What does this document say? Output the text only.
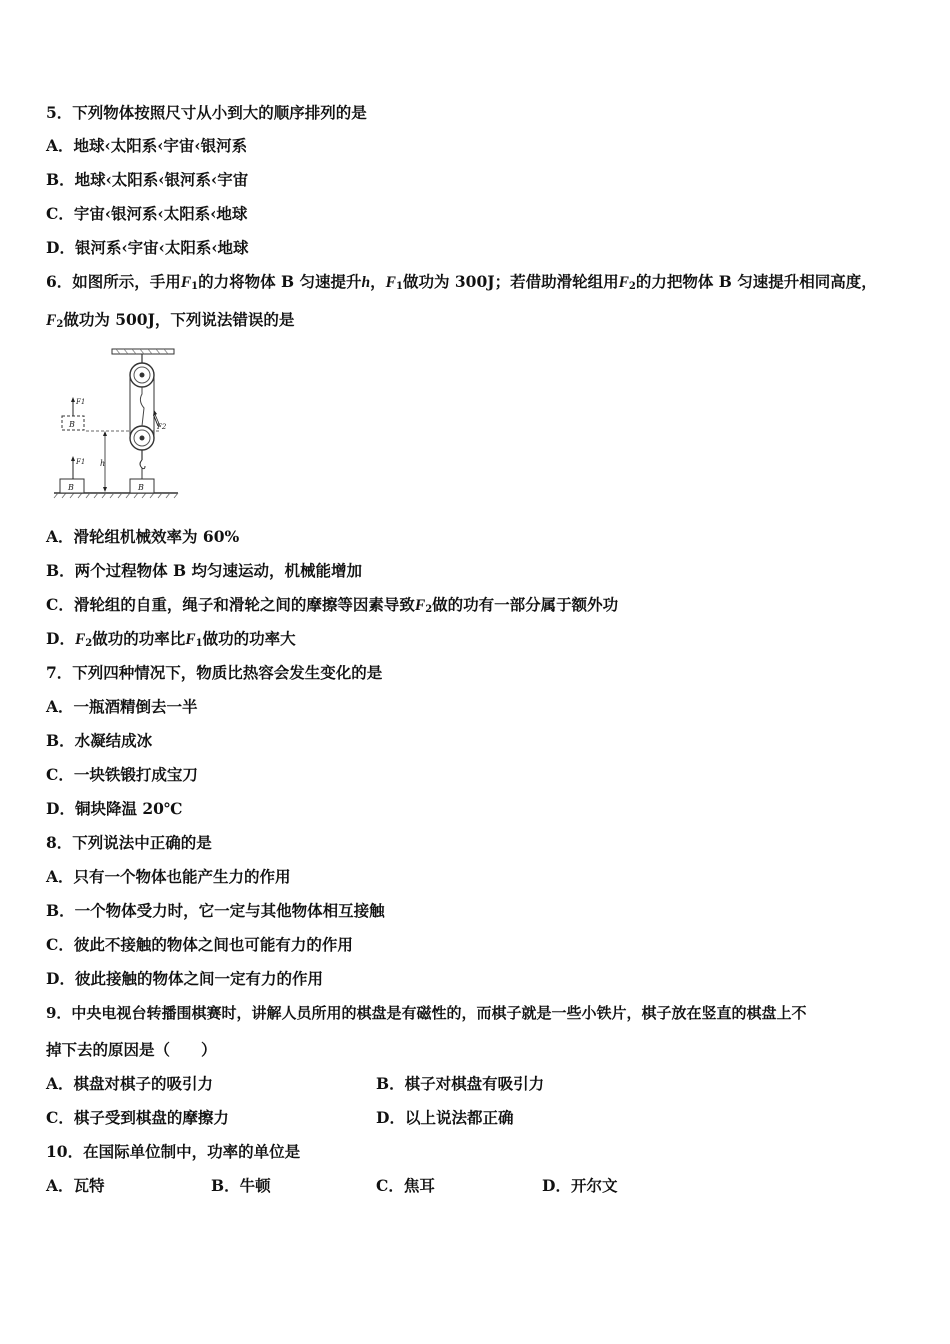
5．下列物体按照尺寸从小到大的顺序排列的是
A．地球‹太阳系‹宇宙‹银河系
B．地球‹太阳系‹银河系‹宇宙
C．宇宙‹银河系‹太阳系‹地球
D．银河系‹宇宙‹太阳系‹地球
6．如图所示，手用$F_1$的力将物体 B 匀速提升h，$F_1$做功为 300J；若借助滑轮组用$F_2$的力把物体 B 匀速提升相同高度，
$F_2$做功为 500J，下列说法错误的是
B
F1
h
B
F1
F2
B
A．滑轮组机械效率为 60%
B．两个过程物体 B 均匀速运动，机械能增加
C．滑轮组的自重，绳子和滑轮之间的摩擦等因素导致$F_2$做的功有一部分属于额外功
D．$F_2$做功的功率比$F_1$做功的功率大
7．下列四种情况下，物质比热容会发生变化的是
A．一瓶酒精倒去一半
B．水凝结成冰
C．一块铁锻打成宝刀
D．铜块降温 20℃
8．下列说法中正确的是
A．只有一个物体也能产生力的作用
B．一个物体受力时，它一定与其他物体相互接触
C．彼此不接触的物体之间也可能有力的作用
D．彼此接触的物体之间一定有力的作用
9．中央电视台转播围棋赛时，讲解人员所用的棋盘是有磁性的，而棋子就是一些小铁片，棋子放在竖直的棋盘上不
掉下去的原因是（　　）
A．棋盘对棋子的吸引力	B．棋子对棋盘有吸引力
C．棋子受到棋盘的摩擦力	D．以上说法都正确
10．在国际单位制中，功率的单位是
A．瓦特	B．牛顿	C．焦耳	D．开尔文
